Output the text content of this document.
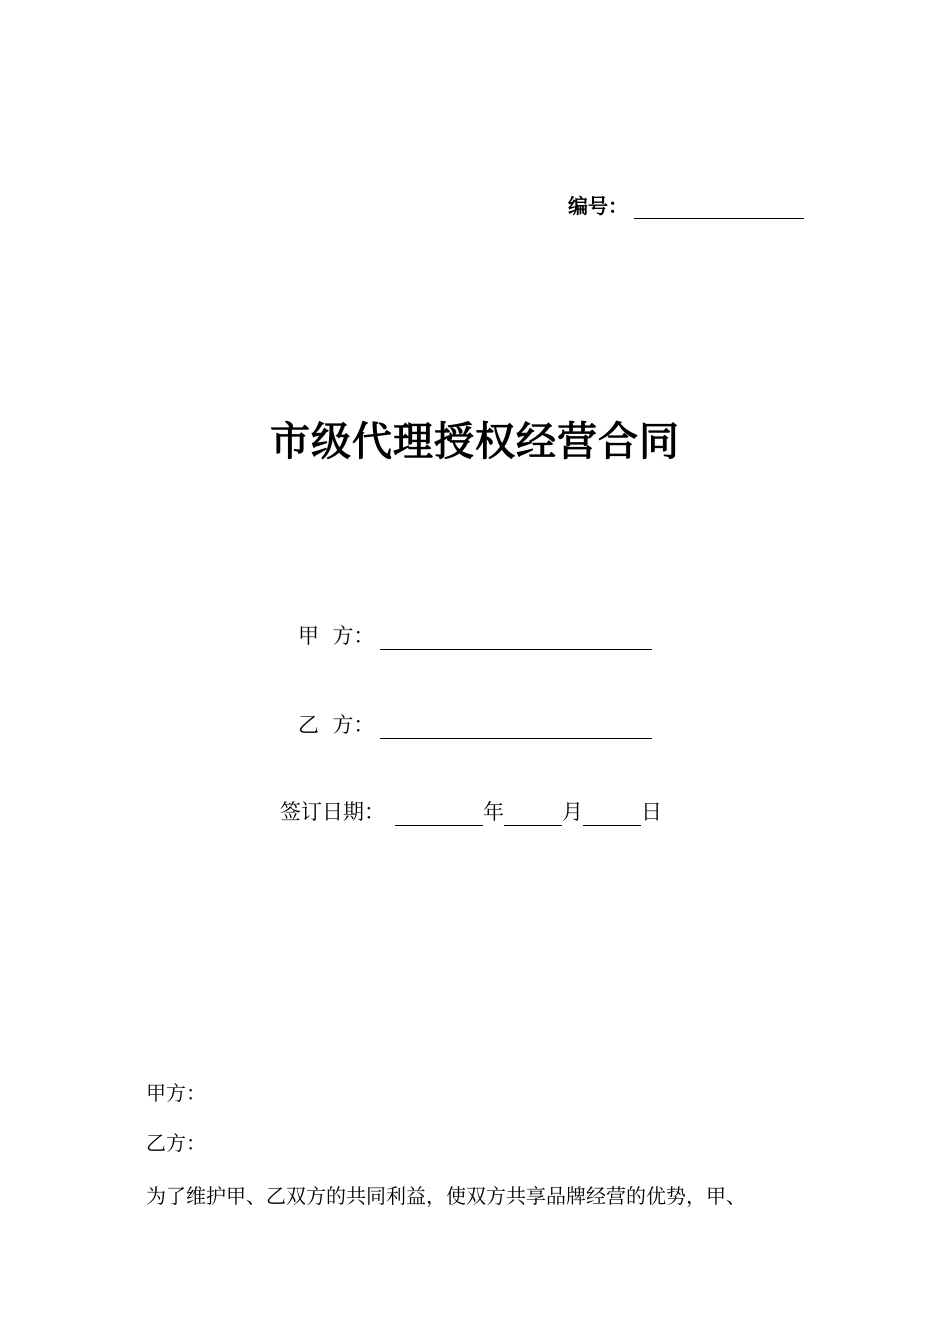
编号：
市级代理授权经营合同
甲  方：
乙  方：
签订日期：	年	月	日
甲方：
乙方：
为了维护甲、乙双方的共同利益，使双方共享品牌经营的优势，甲、
